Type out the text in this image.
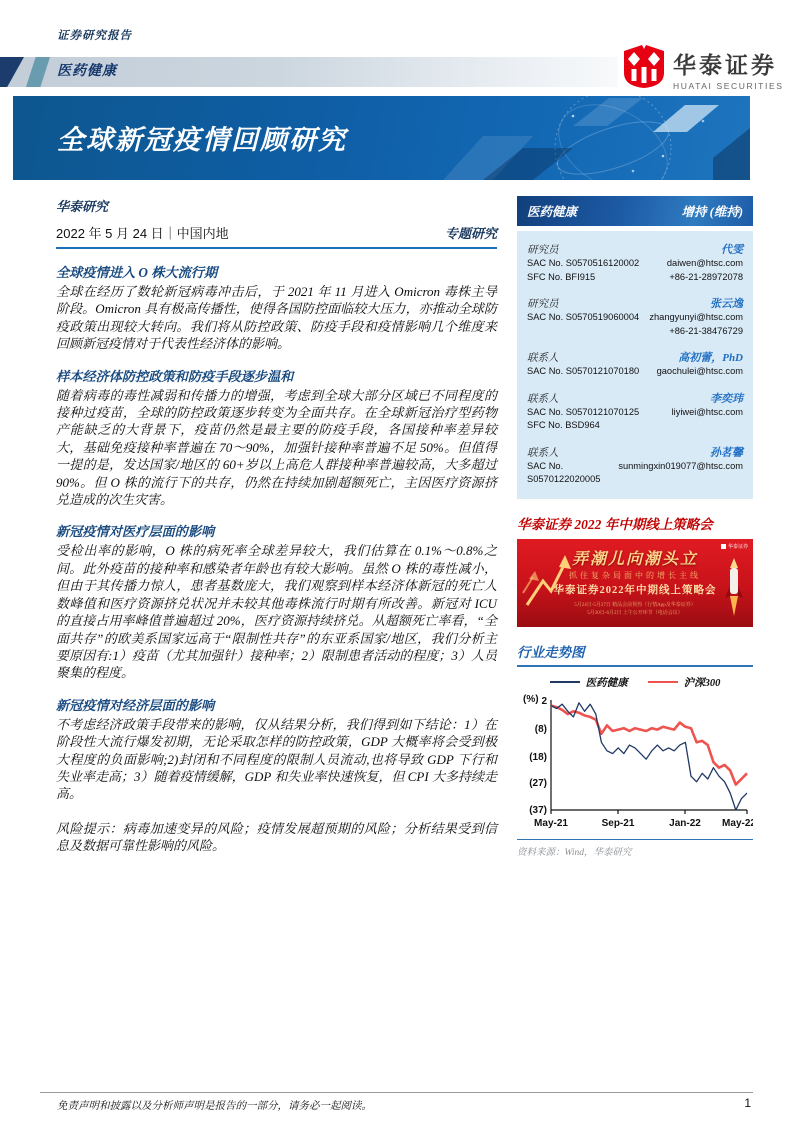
证券研究报告
医药健康	华泰证券
HUATAI SECURITIES
全球新冠疫情回顾研究
华泰研究
2022 年 5 月 24 日｜中国内地	专题研究
全球疫情进入 O 株大流行期
全球在经历了数轮新冠病毒冲击后，于 2021 年 11 月进入 Omicron 毒株主导阶段。Omicron 具有极高传播性，使得各国防控面临较大压力，亦推动全球防疫政策出现较大转向。我们将从防控政策、防疫手段和疫情影响几个维度来回顾新冠疫情对于代表性经济体的影响。
样本经济体防控政策和防疫手段逐步温和
随着病毒的毒性减弱和传播力的增强，考虑到全球大部分区域已不同程度的接种过疫苗，全球的防控政策逐步转变为全面共存。在全球新冠治疗型药物产能缺乏的大背景下，疫苗仍然是最主要的防疫手段，各国接种率差异较大，基础免疫接种率普遍在 70～90%，加强针接种率普遍不足 50%。但值得一提的是，发达国家/地区的 60+岁以上高危人群接种率普遍较高，大多超过 90%。但 O 株的流行下的共存，仍然在持续加剧超额死亡，主因医疗资源挤兑造成的次生灾害。
新冠疫情对医疗层面的影响
受检出率的影响，O 株的病死率全球差异较大，我们估算在 0.1%～0.8%之间。此外疫苗的接种率和感染者年龄也有较大影响。虽然 O 株的毒性减小，但由于其传播力惊人，患者基数庞大，我们观察到样本经济体新冠的死亡人数峰值和医疗资源挤兑状况并未较其他毒株流行时期有所改善。新冠对 ICU 的直接占用率峰值普遍超过 20%，医疗资源持续挤兑。从超额死亡率看，“全面共存”的欧美系国家远高于“限制性共存”的东亚系国家/地区，我们分析主要原因有:1）疫苗（尤其加强针）接种率；2）限制患者活动的程度；3）人员聚集的程度。
新冠疫情对经济层面的影响
不考虑经济政策手段带来的影响，仅从结果分析，我们得到如下结论：1）在阶段性大流行爆发初期，无论采取怎样的防控政策，GDP 大概率将会受到极大程度的负面影响;2)封闭和不同程度的限制人员流动,也将导致 GDP 下行和失业率走高；3）随着疫情缓解，GDP 和失业率快速恢复，但 CPI 大多持续走高。
风险提示：病毒加速变异的风险；疫情发展超预期的风险；分析结果受到信息及数据可靠性影响的风险。
医药健康	增持 (维持)
研究员	代雯
SAC No. S0570516120002	daiwen@htsc.com
SFC No. BFI915	+86-21-28972078
研究员	张云逸
SAC No. S0570519060004 zhangyunyi@htsc.com
+86-21-38476729
联系人	高初蕾，PhD
SAC No. S0570121070180 gaochulei@htsc.com
联系人	李奕玮
SAC No. S0570121070125	liyiwei@htsc.com
SFC No. BSD964
联系人	孙茗馨
SAC No. S0570122020005
sunmingxin019077@htsc.com
华泰证券 2022 年中期线上策略会
弄潮儿向潮头立
抓住复杂局面中的增长主线
华泰证券2022年中期线上策略会
5月24日-5月27日 精品会前预热（行情App及华泰证券）
5月30日-6月2日 上午公开环节（电话会议）
华泰证券
行业走势图
医药健康	沪深300
(%) 2
(8)
(18)
(27)
(37)
May-21	Sep-21	Jan-22 May-22
资料来源：Wind，华泰研究
免责声明和披露以及分析师声明是报告的一部分，请务必一起阅读。	1
